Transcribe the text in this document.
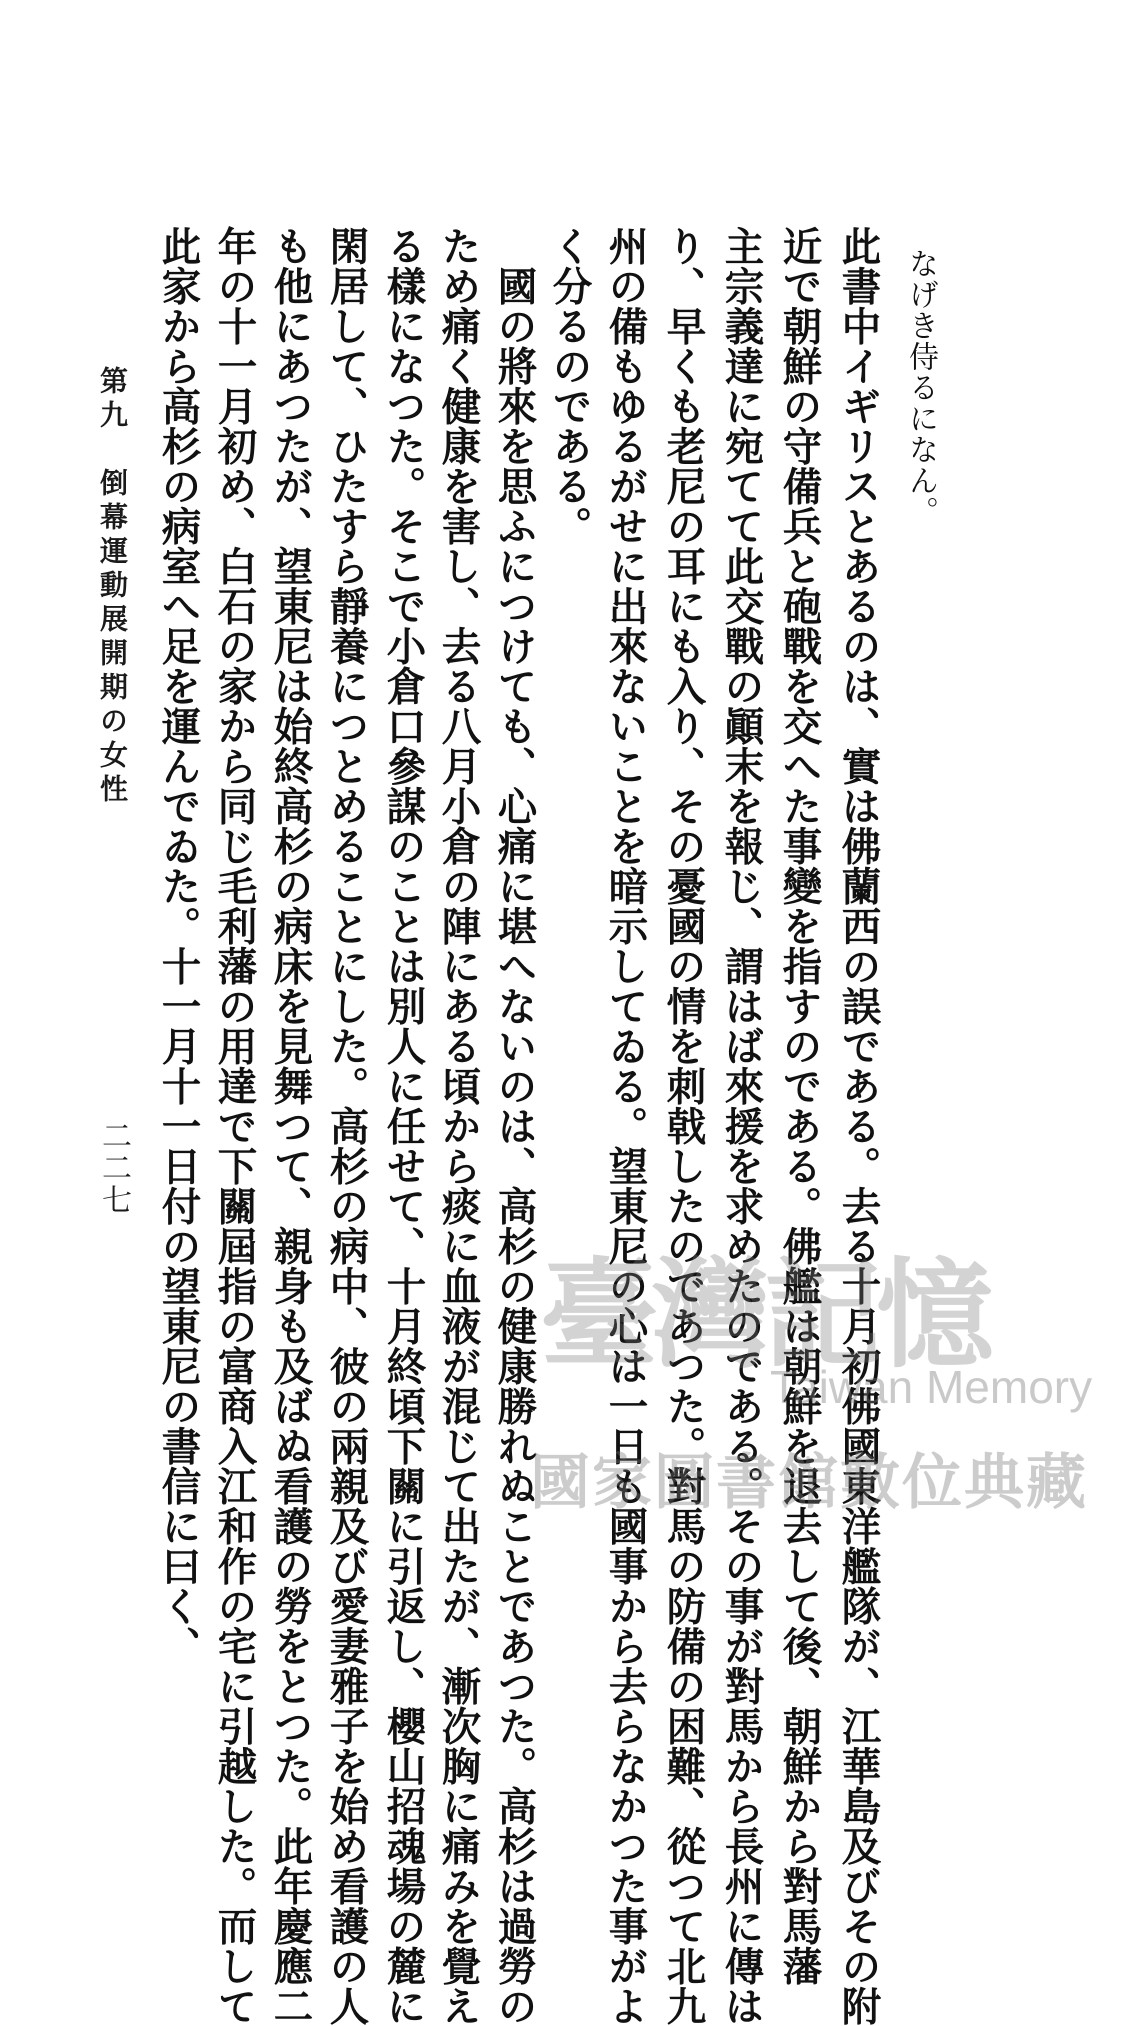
なげき侍るになん。
此書中イギリスとあるのは、實は佛蘭西の誤である。去る十月初佛國東洋艦隊が、江華島及びその附
近で朝鮮の守備兵と砲戰を交へた事變を指すのである。佛艦は朝鮮を退去して後、朝鮮から對馬藩
主宗義達に宛てて此交戰の顚末を報じ、謂はば來援を求めたのである。その事が對馬から長州に傳は
り、早くも老尼の耳にも入り、その憂國の情を刺戟したのであつた。對馬の防備の困難、從つて北九
州の備もゆるがせに出來ないことを暗示してゐる。望東尼の心は一日も國事から去らなかつた事がよ
く分るのである。
國の將來を思ふにつけても、心痛に堪へないのは、高杉の健康勝れぬことであつた。高杉は過勞の
ため痛く健康を害し、去る八月小倉の陣にある頃から痰に血液が混じて出たが、漸次胸に痛みを覺え
る樣になつた。そこで小倉口參謀のことは別人に任せて、十月終頃下關に引返し、櫻山招魂場の麓に
閑居して、ひたすら靜養につとめることにした。高杉の病中、彼の兩親及び愛妻雅子を始め看護の人
も他にあつたが、望東尼は始終高杉の病床を見舞つて、親身も及ばぬ看護の勞をとつた。此年慶應二
年の十一月初め、白石の家から同じ毛利藩の用達で下關屆指の富商入江和作の宅に引越した。而して
此家から高杉の病室へ足を運んでゐた。十一月十一日付の望東尼の書信に曰く、
第九　倒幕運動展開期の女性
二二七
臺灣記憶
Taiwan Memory
國家圖書館數位典藏
